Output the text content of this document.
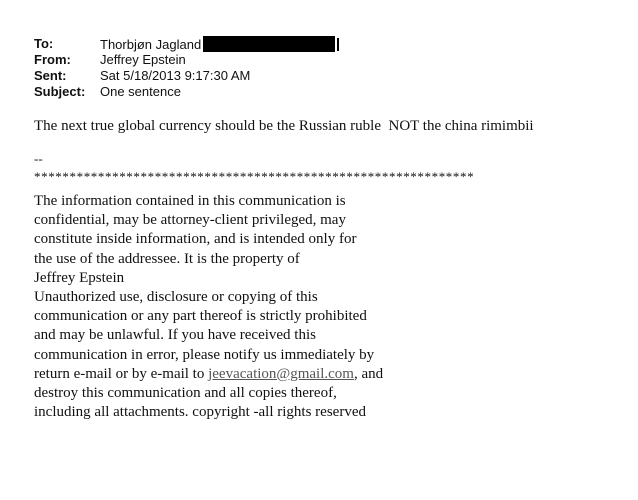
To:	Thorbjøn Jagland
From: Jeffrey Epstein
Sent:	Sat 5/18/2013 9:17:30 AM
Subject: One sentence
The next true global currency should be the Russian ruble  NOT the china rimimbii
--
**************************************************************
The information contained in this communication is
confidential, may be attorney-client privileged, may
constitute inside information, and is intended only for
the use of the addressee. It is the property of
Jeffrey Epstein
Unauthorized use, disclosure or copying of this
communication or any part thereof is strictly prohibited
and may be unlawful. If you have received this
communication in error, please notify us immediately by
return e-mail or by e-mail to jeevacation@gmail.com, and
destroy this communication and all copies thereof,
including all attachments. copyright -all rights reserved
